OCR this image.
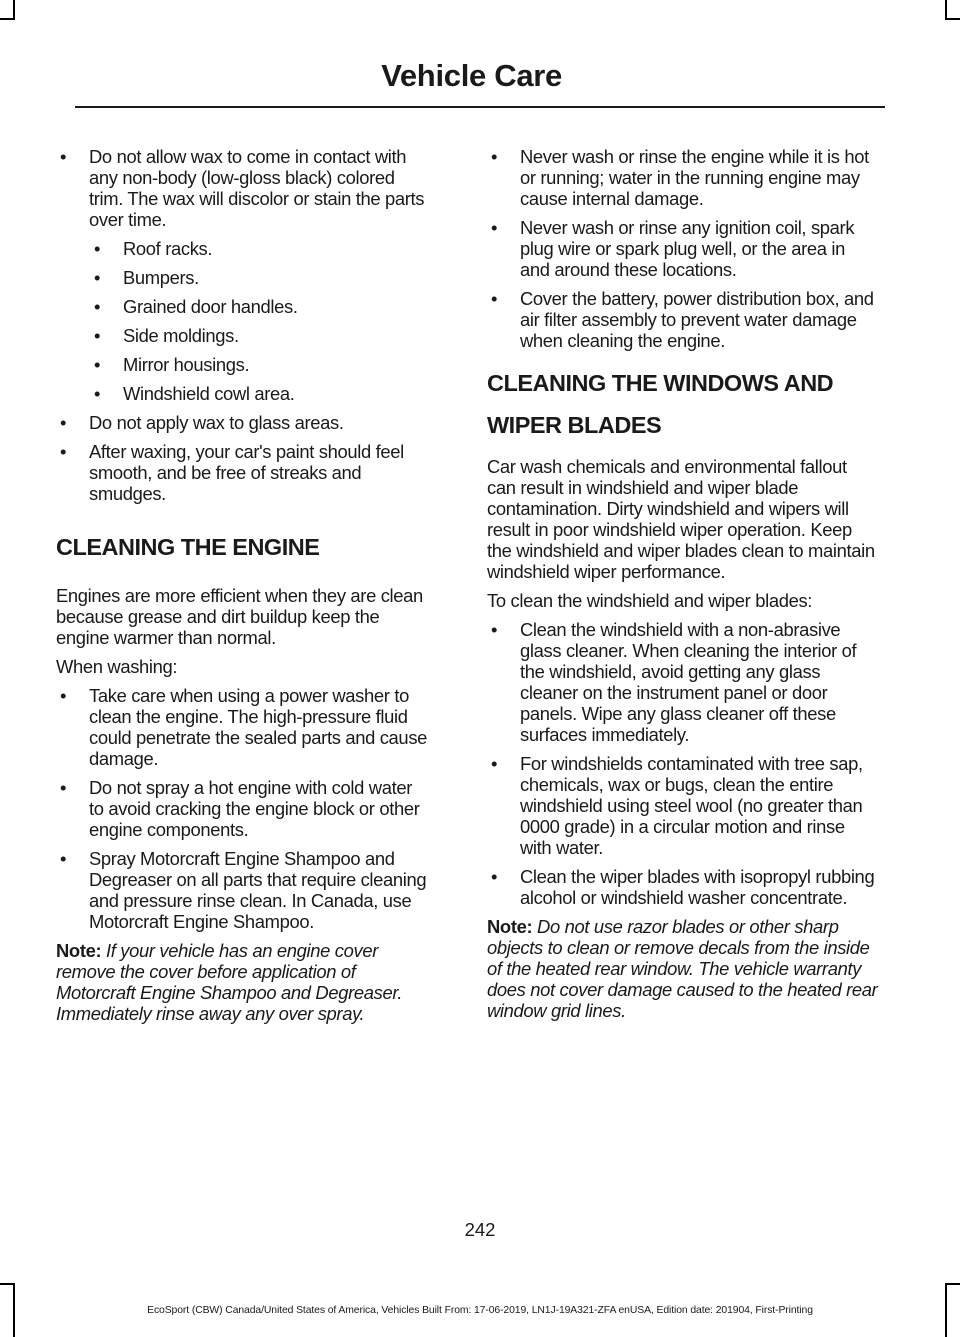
Vehicle Care
• Do not allow wax to come in contact with any non-body (low-gloss black) colored trim. The wax will discolor or stain the parts over time.
• Roof racks.
• Bumpers.
• Grained door handles.
• Side moldings.
• Mirror housings.
• Windshield cowl area.
• Do not apply wax to glass areas.
• After waxing, your car's paint should feel smooth, and be free of streaks and smudges.
CLEANING THE ENGINE

Engines are more efficient when they are clean because grease and dirt buildup keep the engine warmer than normal.

When washing:

• Take care when using a power washer to clean the engine. The high-pressure fluid could penetrate the sealed parts and cause damage.
• Do not spray a hot engine with cold water to avoid cracking the engine block or other engine components.
• Spray Motorcraft Engine Shampoo and Degreaser on all parts that require cleaning and pressure rinse clean. In Canada, use Motorcraft Engine Shampoo.

Note: If your vehicle has an engine cover remove the cover before application of Motorcraft Engine Shampoo and Degreaser. Immediately rinse away any over spray.

• Never wash or rinse the engine while it is hot or running; water in the running engine may cause internal damage.
• Never wash or rinse any ignition coil, spark plug wire or spark plug well, or the area in and around these locations.
• Cover the battery, power distribution box, and air filter assembly to prevent water damage when cleaning the engine.
CLEANING THE WINDOWS AND
WIPER BLADES

Car wash chemicals and environmental fallout can result in windshield and wiper blade contamination. Dirty windshield and wipers will result in poor windshield wiper operation. Keep the windshield and wiper blades clean to maintain windshield wiper performance.

To clean the windshield and wiper blades:

• Clean the windshield with a non-abrasive glass cleaner. When cleaning the interior of the windshield, avoid getting any glass cleaner on the instrument panel or door panels. Wipe any glass cleaner off these surfaces immediately.
• For windshields contaminated with tree sap, chemicals, wax or bugs, clean the entire windshield using steel wool (no greater than 0000 grade) in a circular motion and rinse with water.
• Clean the wiper blades with isopropyl rubbing alcohol or windshield washer concentrate.

Note: Do not use razor blades or other sharp objects to clean or remove decals from the inside of the heated rear window. The vehicle warranty does not cover damage caused to the heated rear window grid lines.

242
EcoSport (CBW) Canada/United States of America, Vehicles Built From: 17-06-2019, LN1J-19A321-ZFA enUSA, Edition date: 201904, First-Printing
